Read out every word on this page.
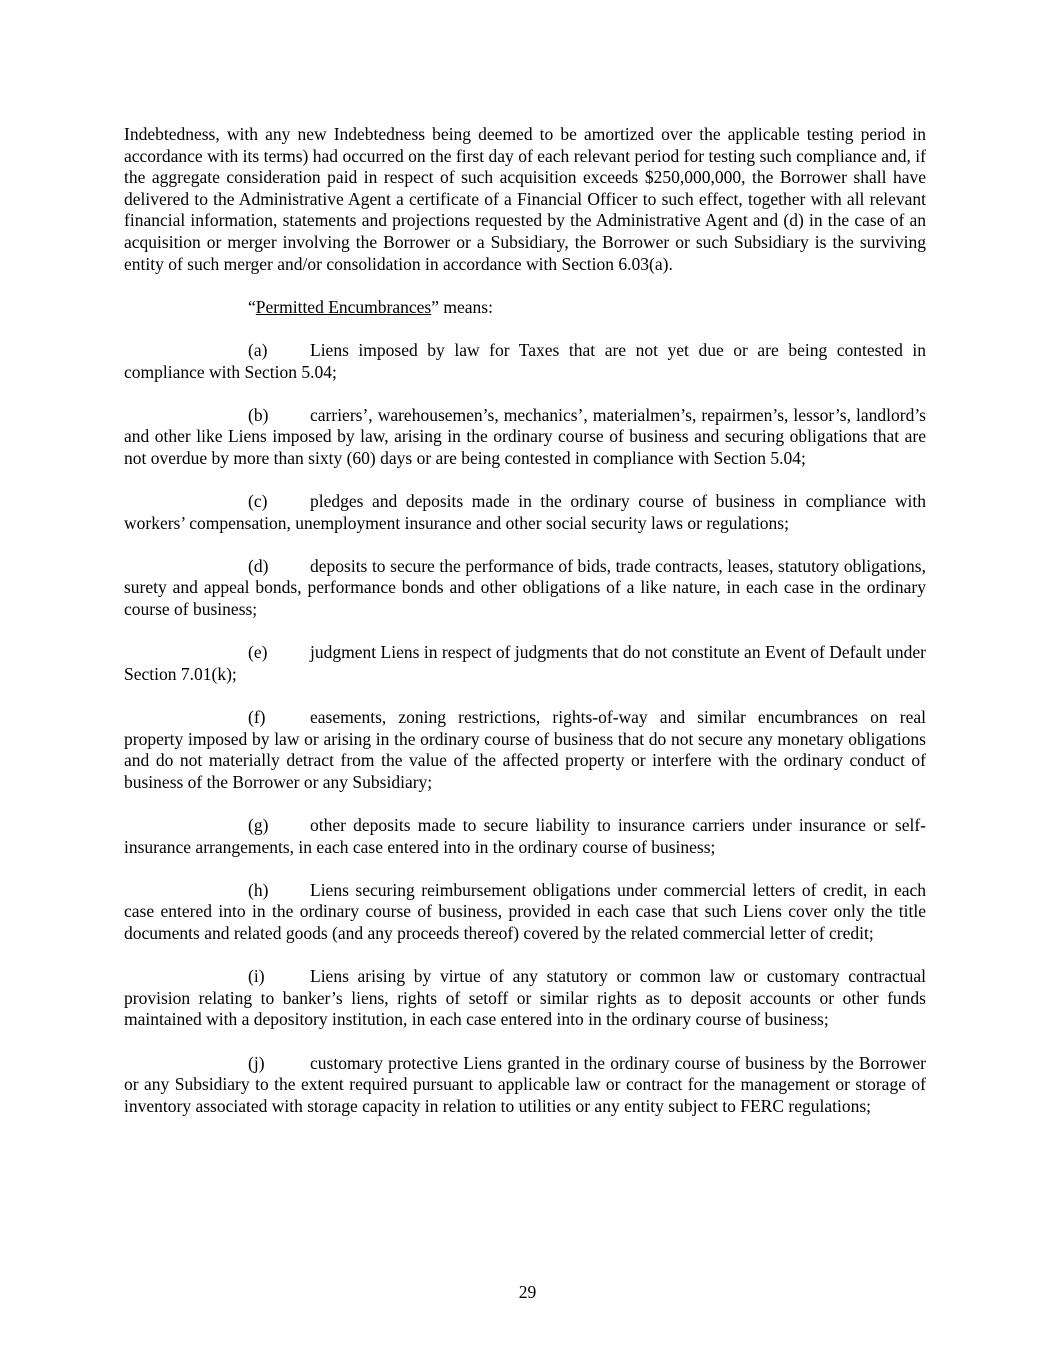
Indebtedness, with any new Indebtedness being deemed to be amortized over the applicable testing period in accordance with its terms) had occurred on the first day of each relevant period for testing such compliance and, if the aggregate consideration paid in respect of such acquisition exceeds $250,000,000, the Borrower shall have delivered to the Administrative Agent a certificate of a Financial Officer to such effect, together with all relevant financial information, statements and projections requested by the Administrative Agent and (d) in the case of an acquisition or merger involving the Borrower or a Subsidiary, the Borrower or such Subsidiary is the surviving entity of such merger and/or consolidation in accordance with Section 6.03(a).

“Permitted Encumbrances” means:

(a) Liens imposed by law for Taxes that are not yet due or are being contested in compliance with Section 5.04;

(b) carriers’, warehousemen’s, mechanics’, materialmen’s, repairmen’s, lessor’s, landlord’s and other like Liens imposed by law, arising in the ordinary course of business and securing obligations that are not overdue by more than sixty (60) days or are being contested in compliance with Section 5.04;

(c) pledges and deposits made in the ordinary course of business in compliance with workers’ compensation, unemployment insurance and other social security laws or regulations;

(d) deposits to secure the performance of bids, trade contracts, leases, statutory obligations, surety and appeal bonds, performance bonds and other obligations of a like nature, in each case in the ordinary course of business;

(e) judgment Liens in respect of judgments that do not constitute an Event of Default under Section 7.01(k);

(f)	easements, zoning restrictions, rights-of-way and similar encumbrances on real property imposed by law or arising in the ordinary course of business that do not secure any monetary obligations and do not materially detract from the value of the affected property or interfere with the ordinary conduct of business of the Borrower or any Subsidiary;

(g) other deposits made to secure liability to insurance carriers under insurance or self-insurance arrangements, in each case entered into in the ordinary course of business;

(h) Liens securing reimbursement obligations under commercial letters of credit, in each case entered into in the ordinary course of business, provided in each case that such Liens cover only the title documents and related goods (and any proceeds thereof) covered by the related commercial letter of credit;

(i)	Liens arising by virtue of any statutory or common law or customary contractual provision relating to banker’s liens, rights of setoff or similar rights as to deposit accounts or other funds maintained with a depository institution, in each case entered into in the ordinary course of business;

(j)	customary protective Liens granted in the ordinary course of business by the Borrower or any Subsidiary to the extent required pursuant to applicable law or contract for the management or storage of inventory associated with storage capacity in relation to utilities or any entity subject to FERC regulations;

29
